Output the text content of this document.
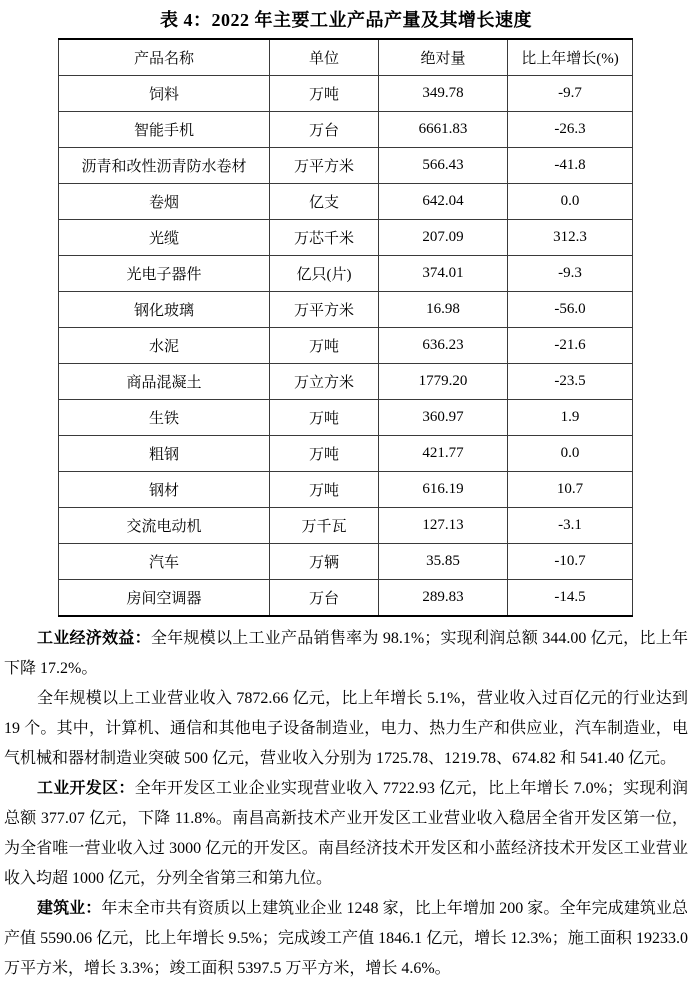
表 4：2022 年主要工业产品产量及其增长速度
产品名称	单位	绝对量	比上年增长(%)
饲料	万吨	349.78	-9.7
智能手机	万台	6661.83	-26.3
沥青和改性沥青防水卷材	万平方米	566.43	-41.8
卷烟	亿支	642.04	0.0
光缆	万芯千米	207.09	312.3
光电子器件	亿只(片)	374.01	-9.3
钢化玻璃	万平方米	16.98	-56.0
水泥	万吨	636.23	-21.6
商品混凝土	万立方米	1779.20	-23.5
生铁	万吨	360.97	1.9
粗钢	万吨	421.77	0.0
钢材	万吨	616.19	10.7
交流电动机	万千瓦	127.13	-3.1
汽车	万辆	35.85	-10.7
房间空调器	万台	289.83	-14.5

工业经济效益：全年规模以上工业产品销售率为 98.1%；实现利润总额 344.00 亿元，比上年下降 17.2%。

全年规模以上工业营业收入 7872.66 亿元，比上年增长 5.1%，营业收入过百亿元的行业达到 19 个。其中，计算机、通信和其他电子设备制造业，电力、热力生产和供应业，汽车制造业，电气机械和器材制造业突破 500 亿元，营业收入分别为 1725.78、1219.78、674.82 和 541.40 亿元。

工业开发区：全年开发区工业企业实现营业收入 7722.93 亿元，比上年增长 7.0%；实现利润总额 377.07 亿元，下降 11.8%。南昌高新技术产业开发区工业营业收入稳居全省开发区第一位，为全省唯一营业收入过 3000 亿元的开发区。南昌经济技术开发区和小蓝经济技术开发区工业营业收入均超 1000 亿元，分列全省第三和第九位。

建筑业：年末全市共有资质以上建筑业企业 1248 家，比上年增加 200 家。全年完成建筑业总产值 5590.06 亿元，比上年增长 9.5%；完成竣工产值 1846.1 亿元，增长 12.3%；施工面积 19233.0 万平方米，增长 3.3%；竣工面积 5397.5 万平方米，增长 4.6%。
